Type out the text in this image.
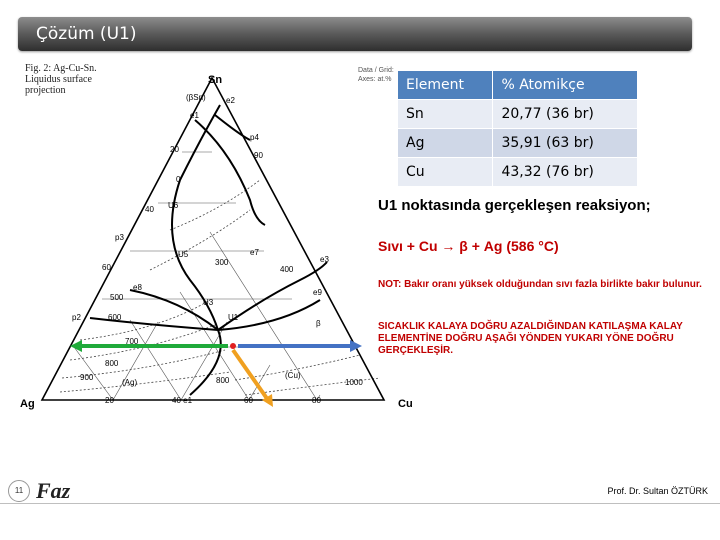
Çözüm (U1)
Fig. 2: Ag-Cu-Sn.
Liquidus surface
projection
Data / Grid:
Axes: at.%
(βSn)	e2
e1
p4
20
90
0
U6
40
p3
e7
U5
300
400
e3
60
e8
e9
U3
500
600
p2	U1
β
700
800
900	800
(Cu)
1000
(Ag)
20	40 e1	60	80
Sn
Ag	Cu
Element	% Atomikçe
Sn	20,77 (36 br)
Ag	35,91 (63 br)
Cu	43,32 (76 br)
U1 noktasında gerçekleşen reaksiyon;
Sıvı + Cu → β + Ag (586 °C)
NOT: Bakır oranı yüksek olduğundan sıvı fazla birlikte bakır bulunur.
SICAKLIK KALAYA DOĞRU AZALDIĞINDAN KATILAŞMA KALAY ELEMENTİNE DOĞRU AŞAĞI YÖNDEN YUKARI YÖNE DOĞRU GERÇEKLEŞİR.
11 Faz	Prof. Dr. Sultan ÖZTÜRK
